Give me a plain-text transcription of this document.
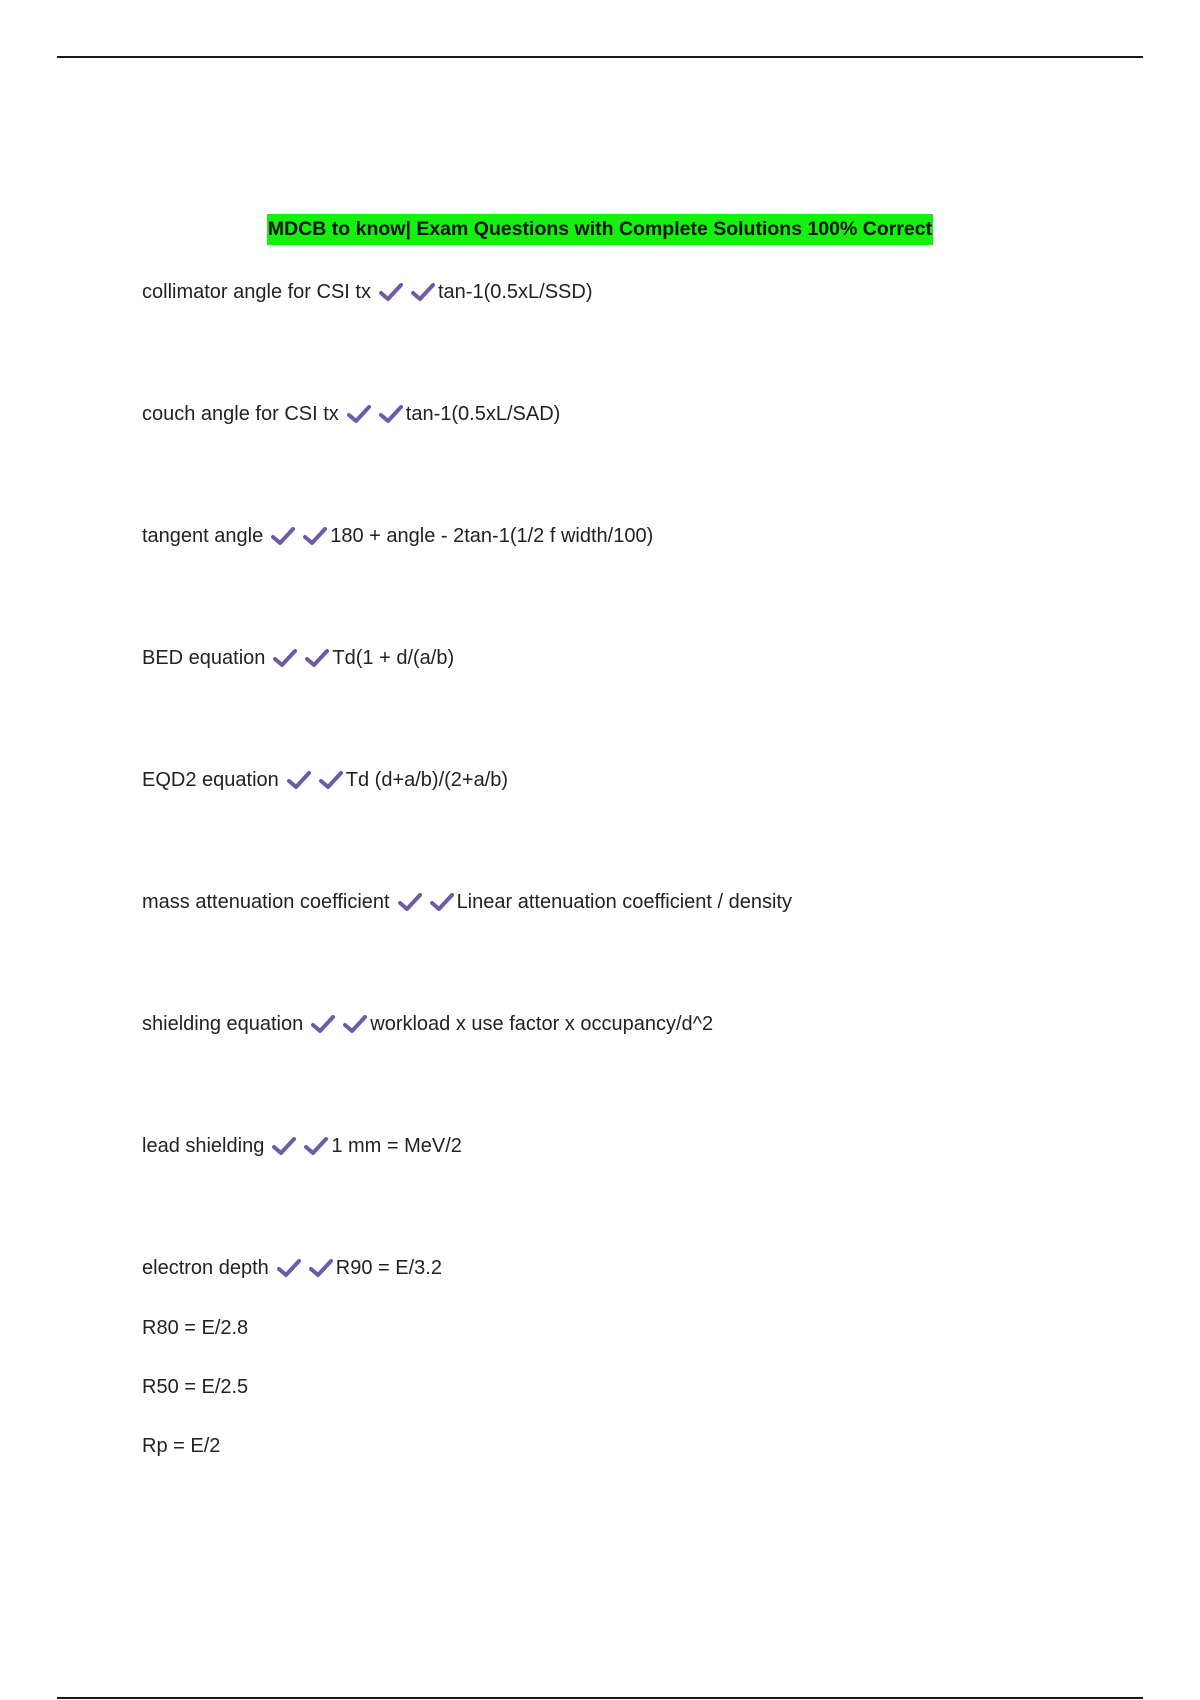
MDCB to know| Exam Questions with Complete Solutions 100% Correct
collimator angle for CSI tx	tan-1(0.5xL/SSD)
couch angle for CSI tx	tan-1(0.5xL/SAD)
tangent angle	180 + angle - 2tan-1(1/2 f width/100)
BED equation	Td(1 + d/(a/b)
EQD2 equation	Td (d+a/b)/(2+a/b)
mass attenuation coefficient	Linear attenuation coefficient / density
shielding equation	workload x use factor x occupancy/d^2
lead shielding	1 mm = MeV/2
electron depth	R90 = E/3.2
R80 = E/2.8
R50 = E/2.5
Rp = E/2
